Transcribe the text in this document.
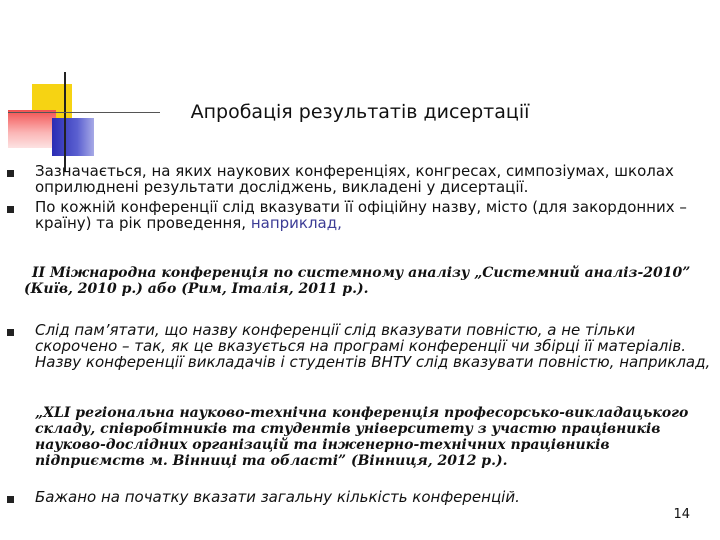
Апробація результатів дисертації
Зазначається, на яких наукових конференціях, конгресах, симпозіумах, школах оприлюднені результати досліджень, викладені у дисертації.
По кожній конференції слід вказувати її офіційну назву, місто (для закордонних – країну) та рік проведення, наприклад,
II Міжнародна конференція по системному аналізу „Системний аналіз-2010” (Київ, 2010 р.) або (Рим, Італія, 2011 р.).
Слід пам’ятати, що назву конференції слід вказувати повністю, а не тільки скорочено – так, як це вказується на програмі конференції чи збірці її матеріалів. Назву конференції викладачів і студентів ВНТУ слід вказувати повністю, наприклад,
„XLI регіональна науково-технічна конференція професорсько-викладацького складу, співробітників та студентів університету з участю працівників науково-дослідних організацій та інженерно-технічних працівників підприємств м. Вінниці та області” (Вінниця, 2012 р.).
Бажано на початку вказати загальну кількість конференцій.
14
